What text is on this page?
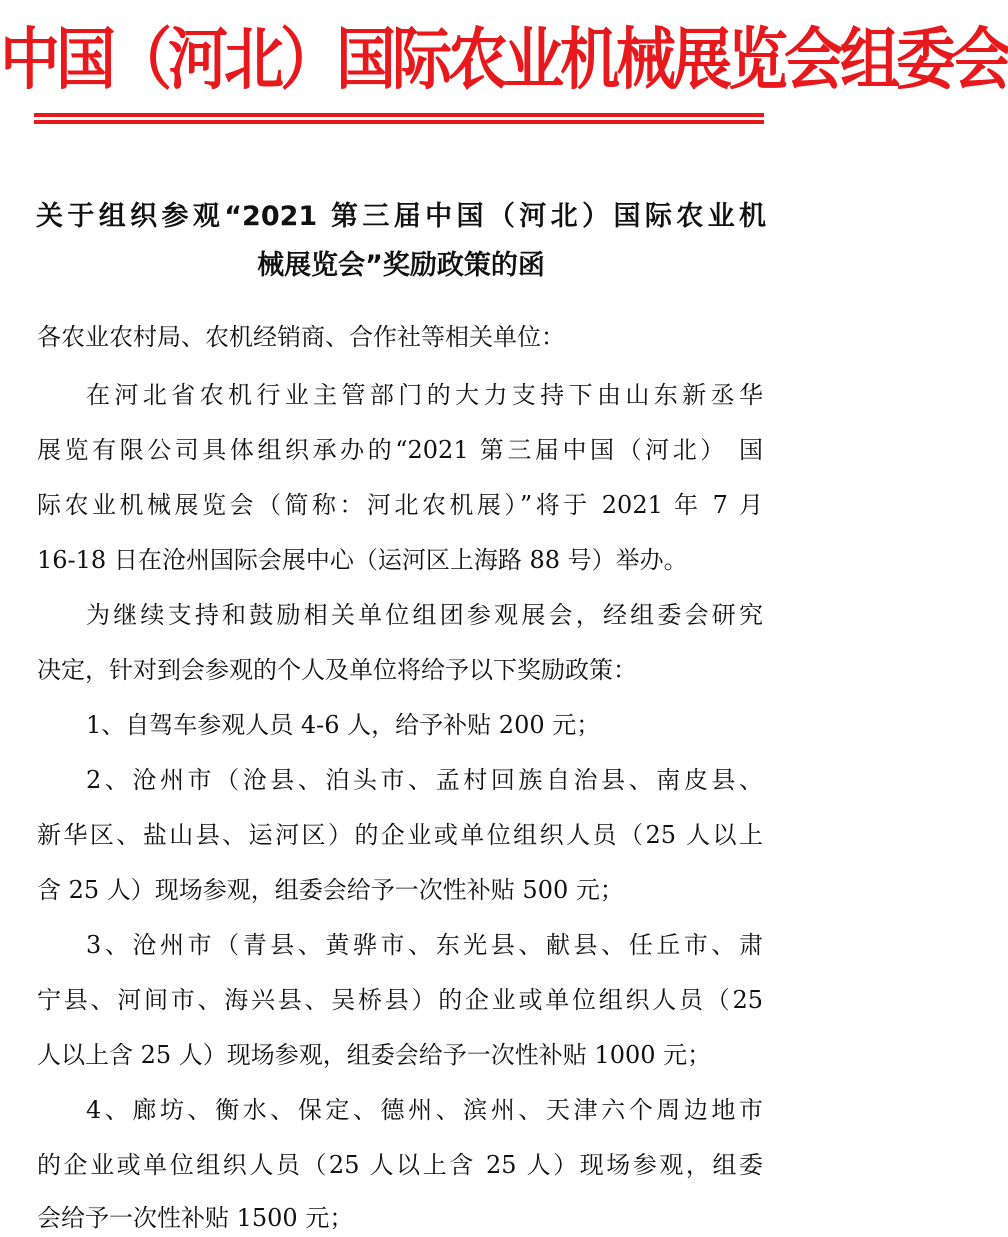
中国（河北）国际农业机械展览会组委会
关于组织参观“2021 第三届中国（河北）国际农业机
械展览会”奖励政策的函
各农业农村局、农机经销商、合作社等相关单位：
在河北省农机行业主管部门的大力支持下由山东新丞华
展览有限公司具体组织承办的“2021 第三届中国（河北） 国
际农业机械展览会（简称：河北农机展）”将于 2021 年 7 月
16-18 日在沧州国际会展中心（运河区上海路 88 号）举办。
为继续支持和鼓励相关单位组团参观展会，经组委会研究
决定，针对到会参观的个人及单位将给予以下奖励政策：
1、自驾车参观人员 4-6 人，给予补贴 200 元；
2、沧州市（沧县、泊头市、孟村回族自治县、南皮县、
新华区、盐山县、运河区）的企业或单位组织人员（25 人以上
含 25 人）现场参观，组委会给予一次性补贴 500 元；
3、沧州市（青县、黄骅市、东光县、献县、任丘市、肃
宁县、河间市、海兴县、吴桥县）的企业或单位组织人员（25
人以上含 25 人）现场参观，组委会给予一次性补贴 1000 元；
4、廊坊、衡水、保定、德州、滨州、天津六个周边地市
的企业或单位组织人员（25 人以上含 25 人）现场参观，组委
会给予一次性补贴 1500 元；
